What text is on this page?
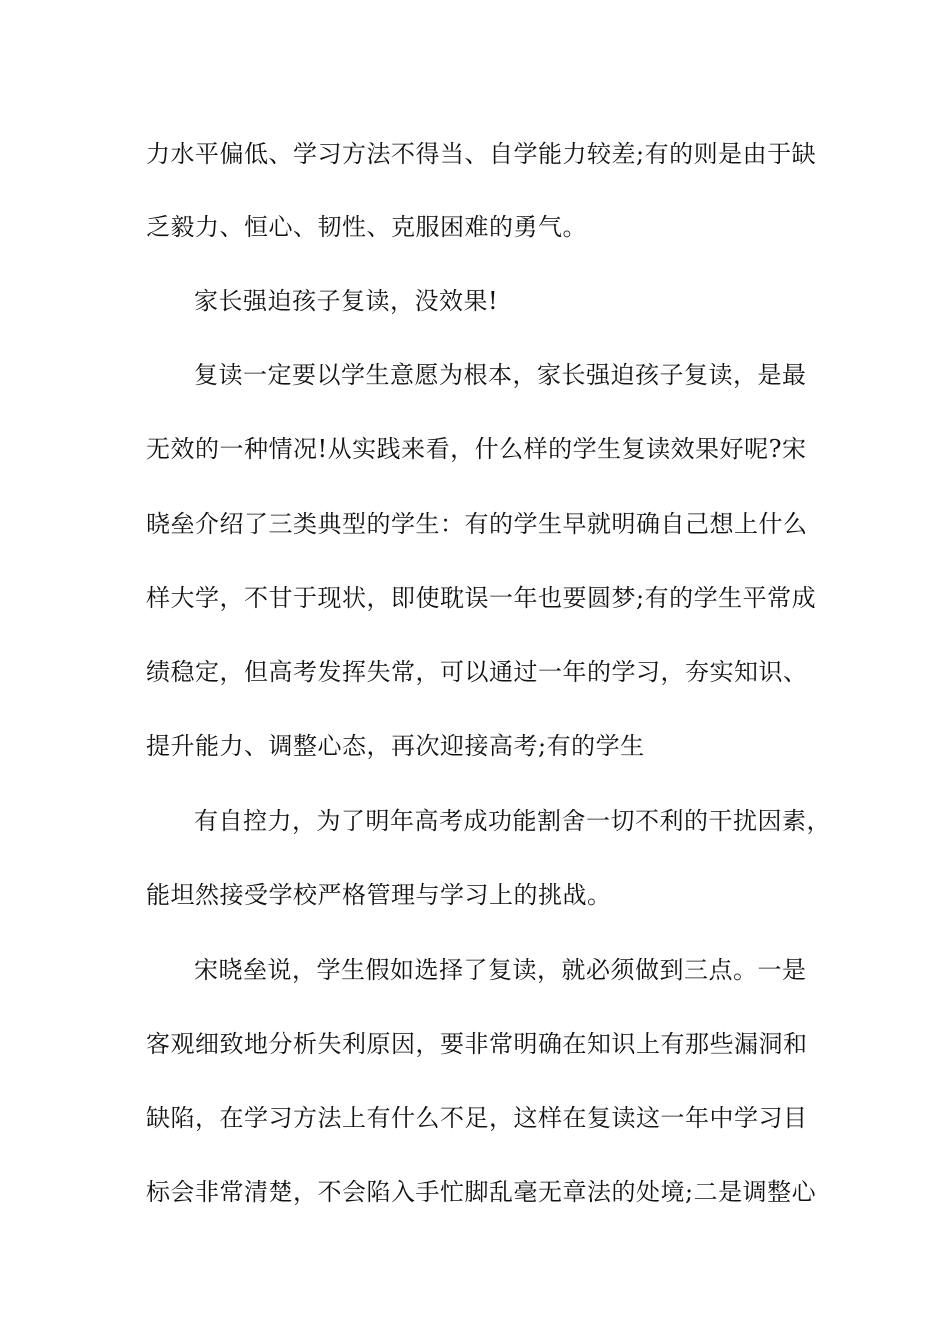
力水平偏低、学习方法不得当、自学能力较差;有的则是由于缺
乏毅力、恒心、韧性、克服困难的勇气。
家长强迫孩子复读，没效果!
复读一定要以学生意愿为根本，家长强迫孩子复读，是最
无效的一种情况!从实践来看，什么样的学生复读效果好呢?宋
晓垒介绍了三类典型的学生：有的学生早就明确自己想上什么
样大学，不甘于现状，即使耽误一年也要圆梦;有的学生平常成
绩稳定，但高考发挥失常，可以通过一年的学习，夯实知识、
提升能力、调整心态，再次迎接高考;有的学生
有自控力，为了明年高考成功能割舍一切不利的干扰因素，
能坦然接受学校严格管理与学习上的挑战。
宋晓垒说，学生假如选择了复读，就必须做到三点。一是
客观细致地分析失利原因，要非常明确在知识上有那些漏洞和
缺陷，在学习方法上有什么不足，这样在复读这一年中学习目
标会非常清楚，不会陷入手忙脚乱毫无章法的处境;二是调整心
